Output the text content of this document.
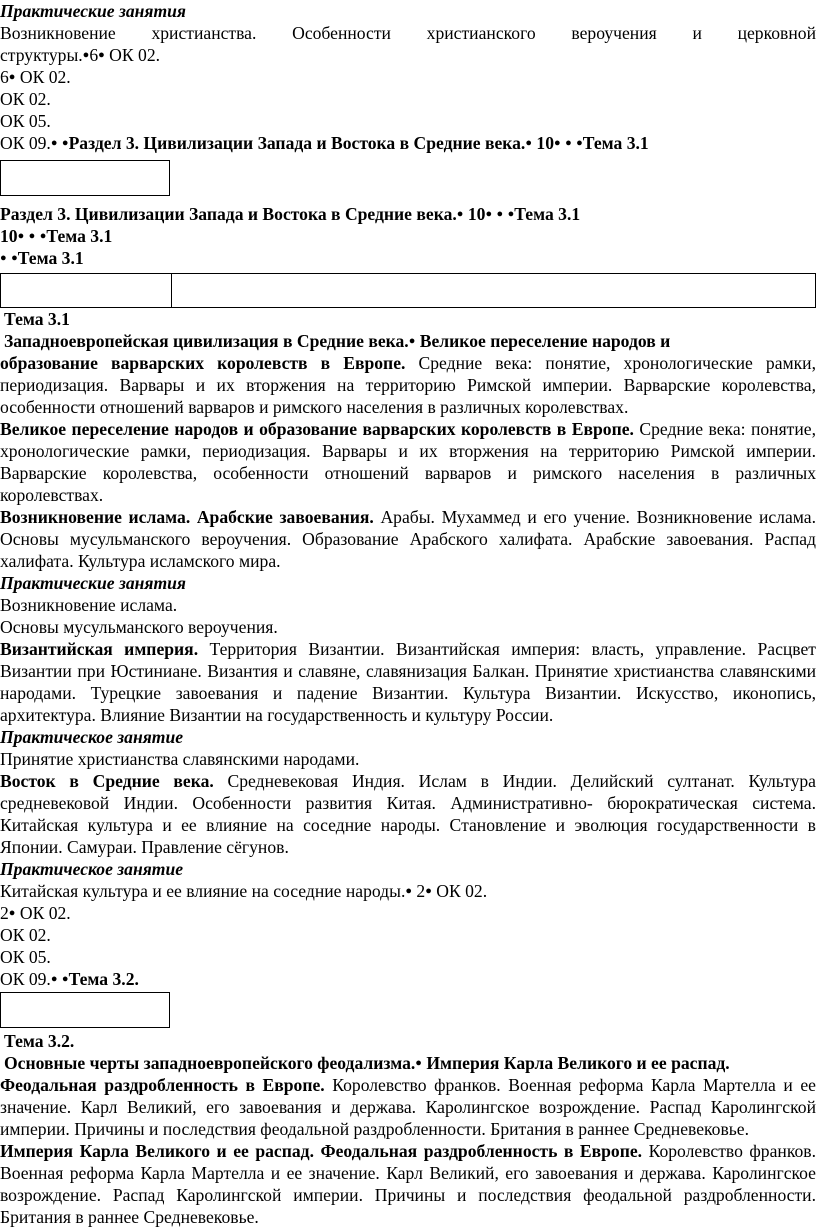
Практические занятия

Возникновение христианства. Особенности христианского вероучения и церковной

структуры.●6● ОК 02.

6● ОК 02.

ОК 02.

ОК 05.

ОК 09.● ●Раздел 3. Цивилизации Запада и Востока в Средние века.● 10● ● ●Тема 3.1

Раздел 3. Цивилизации Запада и Востока в Средние века.● 10● ● ●Тема 3.1

10● ● ●Тема 3.1

● ●Тема 3.1

Тема 3.1

Западноевропейская цивилизация в Средние века.● Великое переселение народов и

образование варварских королевств в Европе. Средние века: понятие, хронологические рамки, периодизация. Варвары и их вторжения на территорию Римской империи. Варварские королевства, особенности отношений варваров и римского населения в различных королевствах.

Великое переселение народов и образование варварских королевств в Европе. Средние века: понятие, хронологические рамки, периодизация. Варвары и их вторжения на территорию Римской империи. Варварские королевства, особенности отношений варваров и римского населения в различных королевствах.

Возникновение ислама. Арабские завоевания. Арабы. Мухаммед и его учение. Возникновение ислама. Основы мусульманского вероучения. Образование Арабского халифата. Арабские завоевания. Распад халифата. Культура исламского мира.

Практические занятия

Возникновение ислама.

Основы мусульманского вероучения.

Византийская империя. Территория Византии. Византийская империя: власть, управление. Расцвет Византии при Юстиниане. Византия и славяне, славянизация Балкан. Принятие христианства славянскими народами. Турецкие завоевания и падение Византии. Культура Византии. Искусство, иконопись, архитектура. Влияние Византии на государственность и культуру России.

Практическое занятие

Принятие христианства славянскими народами.

Восток в Средние века. Средневековая Индия. Ислам в Индии. Делийский султанат. Культура средневековой Индии. Особенности развития Китая. Административно- бюрократическая система. Китайская культура и ее влияние на соседние народы. Становление и эволюция государственности в Японии. Самураи. Правление сёгунов.

Практическое занятие

Китайская культура и ее влияние на соседние народы.● 2● ОК 02.

2● ОК 02.

ОК 02.

ОК 05.

ОК 09.● ●Тема 3.2.

Тема 3.2.

Основные черты западноевропейского феодализма.● Империя Карла Великого и ее распад.

Феодальная раздробленность в Европе. Королевство франков. Военная реформа Карла Мартелла и ее значение. Карл Великий, его завоевания и держава. Каролингское возрождение. Распад Каролингской империи. Причины и последствия феодальной раздробленности. Британия в раннее Средневековье.

Империя Карла Великого и ее распад. Феодальная раздробленность в Европе. Королевство франков. Военная реформа Карла Мартелла и ее значение. Карл Великий, его завоевания и держава. Каролингское возрождение. Распад Каролингской империи. Причины и последствия феодальной раздробленности. Британия в раннее Средневековье.
